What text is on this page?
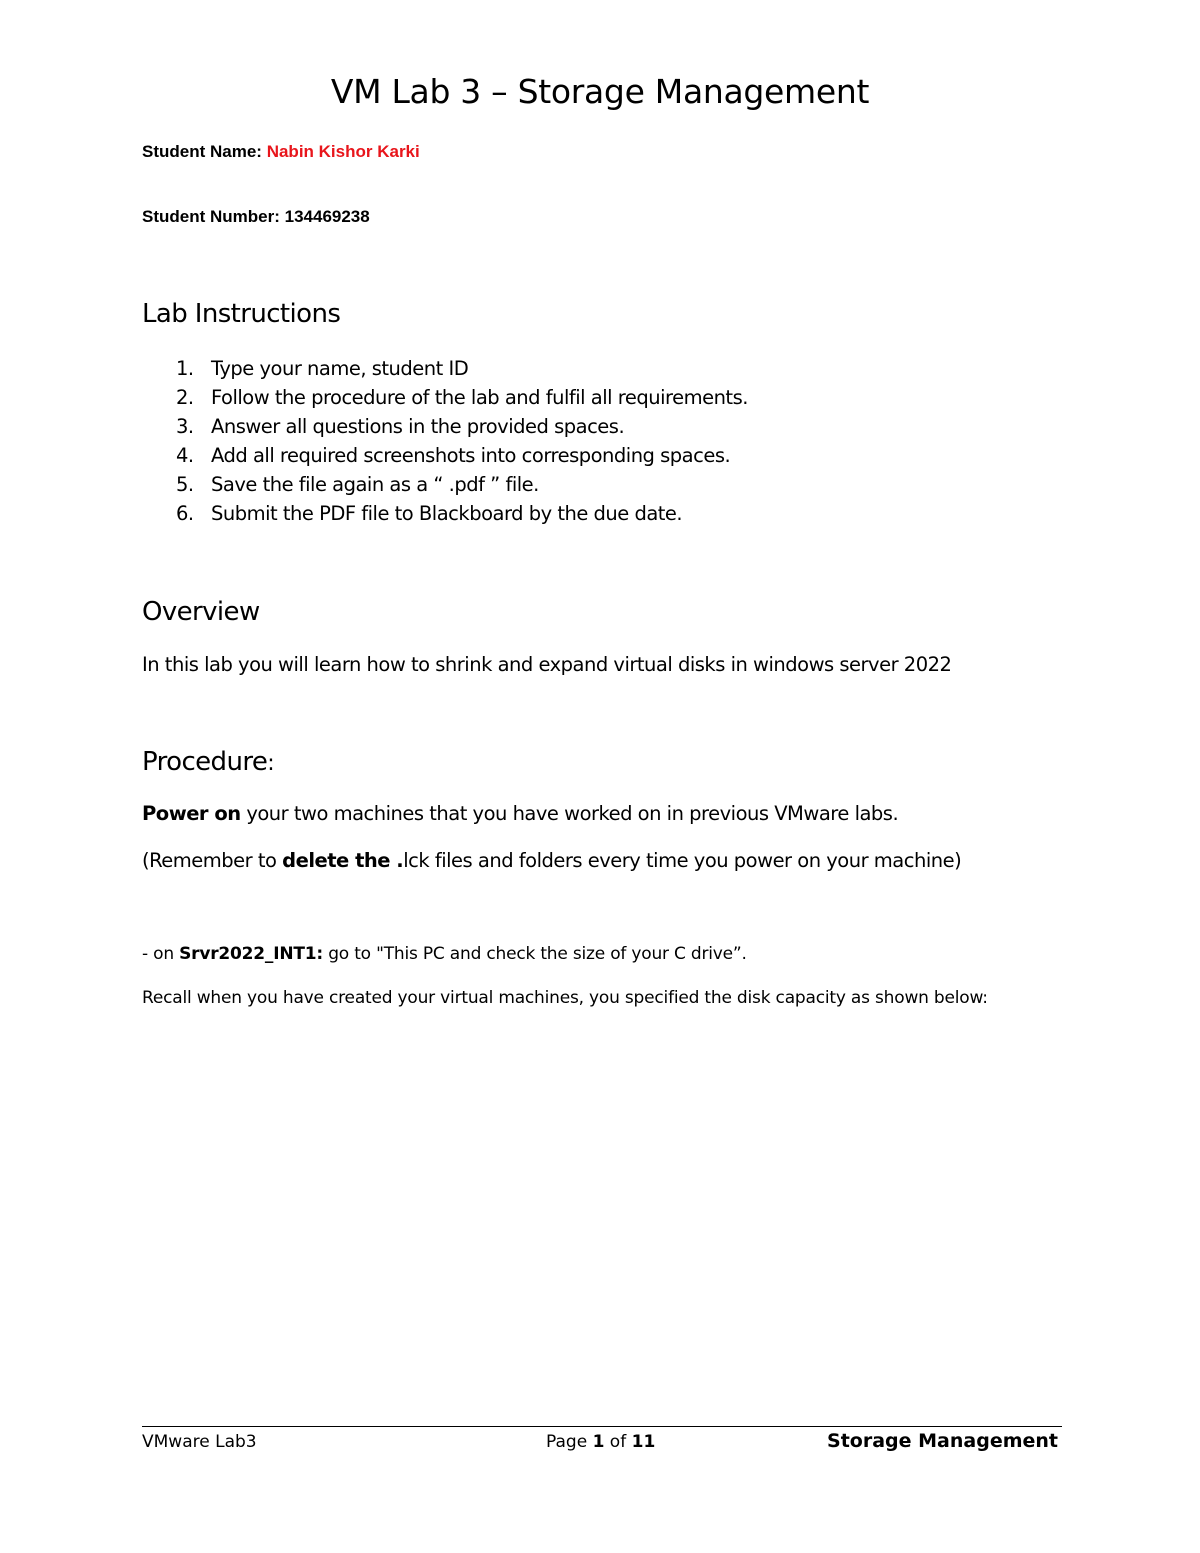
VM Lab 3 – Storage Management
Student Name: Nabin Kishor Karki
Student Number: 134469238
Lab Instructions
1. Type your name, student ID
2. Follow the procedure of the lab and fulfil all requirements.
3. Answer all questions in the provided spaces.
4. Add all required screenshots into corresponding spaces.
5. Save the file again as a “ .pdf ” file.
6. Submit the PDF file to Blackboard by the due date.
Overview
In this lab you will learn how to shrink and expand virtual disks in windows server 2022
Procedure:
Power on your two machines that you have worked on in previous VMware labs.
(Remember to delete the .lck files and folders every time you power on your machine)
- on Srvr2022_INT1: go to "This PC and check the size of your C drive”.
Recall when you have created your virtual machines, you specified the disk capacity as shown below:
VMware Lab3	Page 1 of 11	Storage Management
